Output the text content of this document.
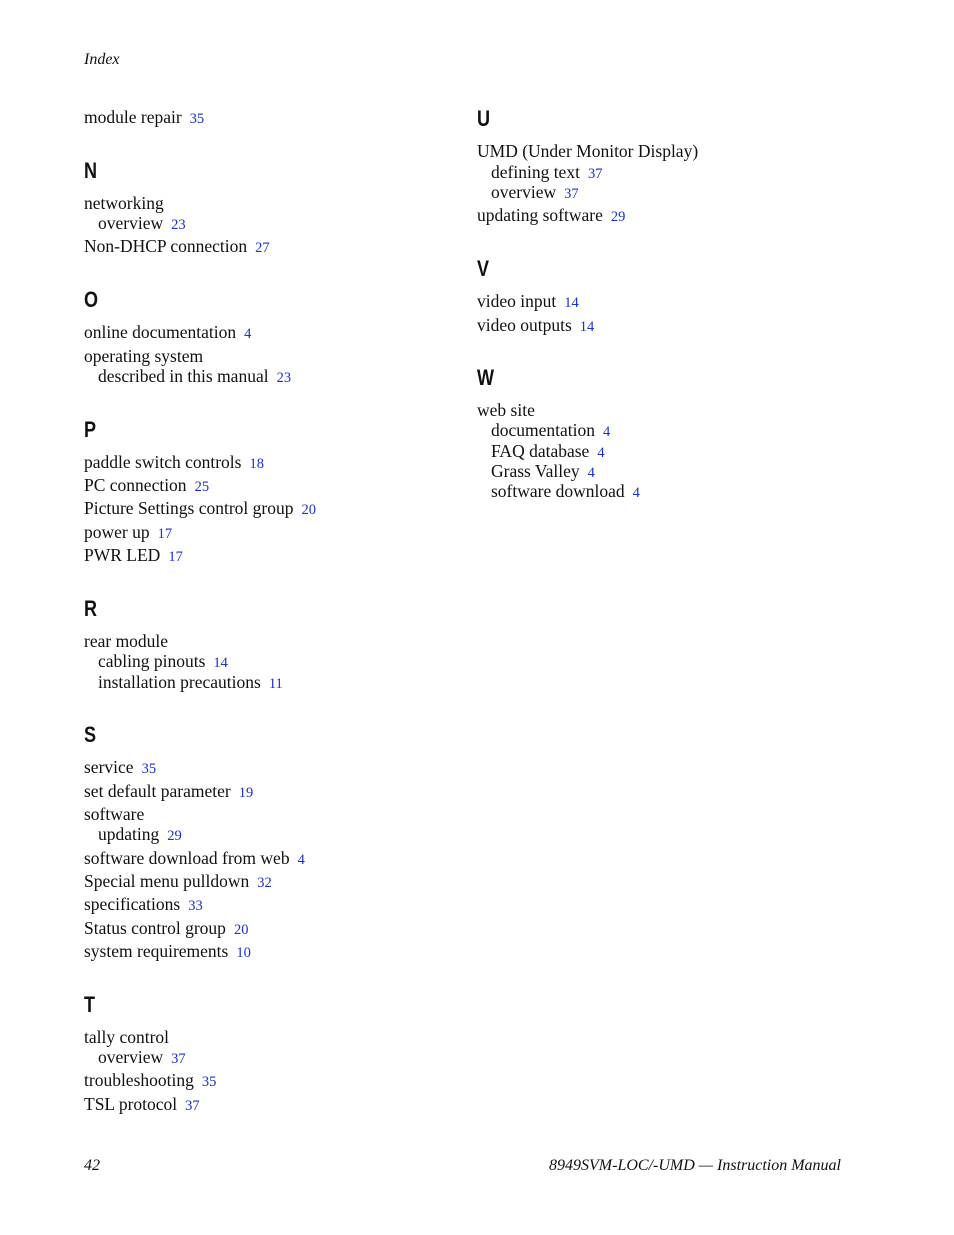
Index
module repair 35
N
networking
overview 23
Non-DHCP connection 27
O
online documentation 4
operating system
described in this manual 23
P
paddle switch controls 18
PC connection 25
Picture Settings control group 20
power up 17
PWR LED 17
R
rear module
cabling pinouts 14
installation precautions 11
S
service 35
set default parameter 19
software
updating 29
software download from web 4
Special menu pulldown 32
specifications 33
Status control group 20
system requirements 10
T
tally control
overview 37
troubleshooting 35
TSL protocol 37
U
UMD (Under Monitor Display)
defining text 37
overview 37
updating software 29
V
video input 14
video outputs 14
W
web site
documentation 4
FAQ database 4
Grass Valley 4
software download 4
42	8949SVM-LOC/-UMD — Instruction Manual
